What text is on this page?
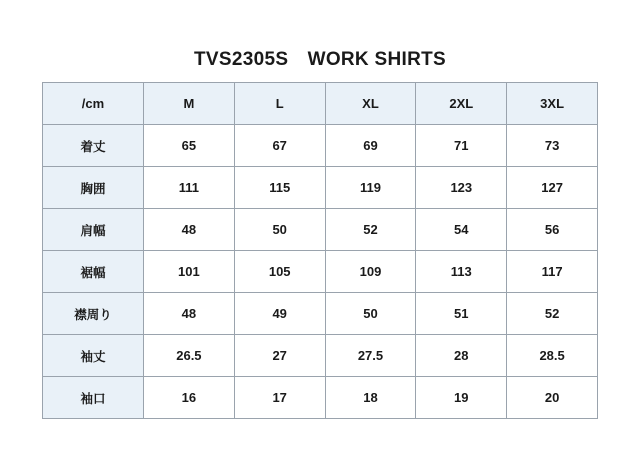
TVS2305S　WORK SHIRTS
/cm	M	L	XL	2XL	3XL
着丈	65	67	69	71	73
胸囲	111	115	119	123	127
肩幅	48	50	52	54	56
裾幅	101	105	109	113	117
襟周り	48	49	50	51	52
袖丈	26.5	27	27.5	28	28.5
袖口	16	17	18	19	20
